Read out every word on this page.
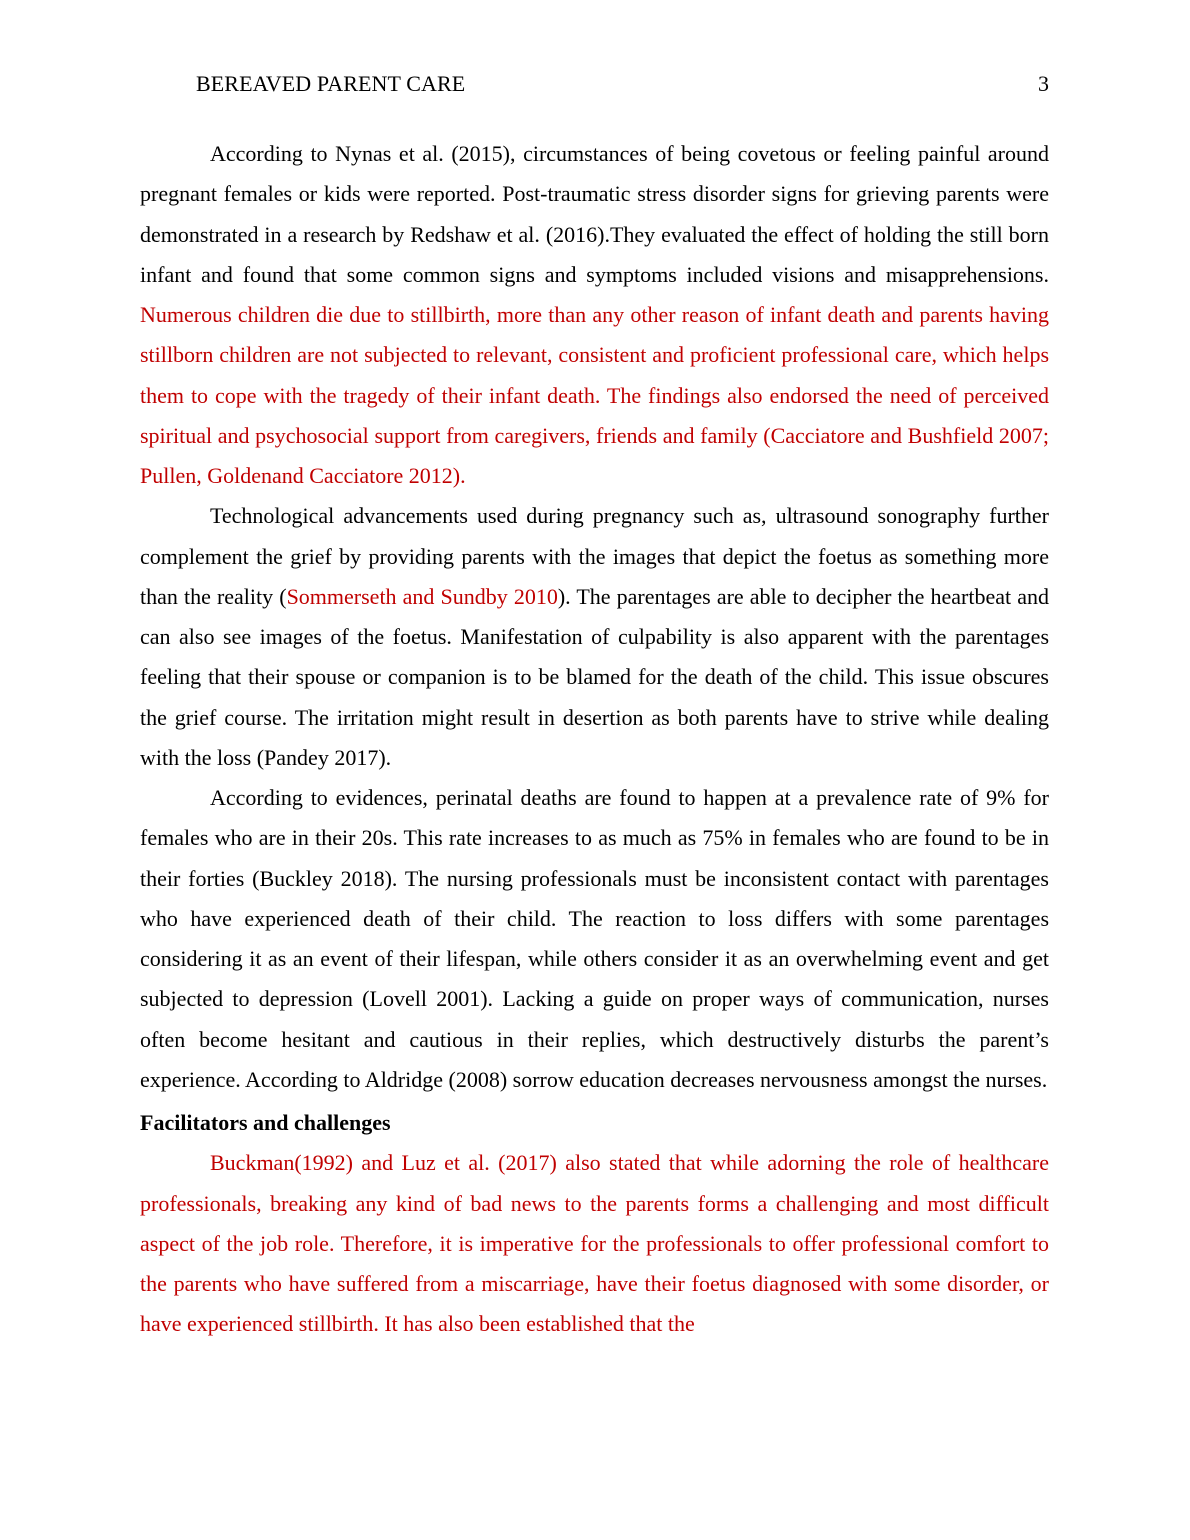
BEREAVED PARENT CARE	3

According to Nynas et al. (2015), circumstances of being covetous or feeling painful around pregnant females or kids were reported. Post-traumatic stress disorder signs for grieving parents were demonstrated in a research by Redshaw et al. (2016).They evaluated the effect of holding the still born infant and found that some common signs and symptoms included visions and misapprehensions. Numerous children die due to stillbirth, more than any other reason of infant death and parents having stillborn children are not subjected to relevant, consistent and proficient professional care, which helps them to cope with the tragedy of their infant death. The findings also endorsed the need of perceived spiritual and psychosocial support from caregivers, friends and family (Cacciatore and Bushfield 2007; Pullen, Goldenand Cacciatore 2012).

Technological advancements used during pregnancy such as, ultrasound sonography further complement the grief by providing parents with the images that depict the foetus as something more than the reality (Sommerseth and Sundby 2010). The parentages are able to decipher the heartbeat and can also see images of the foetus. Manifestation of culpability is also apparent with the parentages feeling that their spouse or companion is to be blamed for the death of the child. This issue obscures the grief course. The irritation might result in desertion as both parents have to strive while dealing with the loss (Pandey 2017).

According to evidences, perinatal deaths are found to happen at a prevalence rate of 9% for females who are in their 20s. This rate increases to as much as 75% in females who are found to be in their forties (Buckley 2018). The nursing professionals must be inconsistent contact with parentages who have experienced death of their child. The reaction to loss differs with some parentages considering it as an event of their lifespan, while others consider it as an overwhelming event and get subjected to depression (Lovell 2001). Lacking a guide on proper ways of communication, nurses often become hesitant and cautious in their replies, which destructively disturbs the parent’s experience. According to Aldridge (2008) sorrow education decreases nervousness amongst the nurses.

Facilitators and challenges

Buckman(1992) and Luz et al. (2017) also stated that while adorning the role of healthcare professionals, breaking any kind of bad news to the parents forms a challenging and most difficult aspect of the job role. Therefore, it is imperative for the professionals to offer professional comfort to the parents who have suffered from a miscarriage, have their foetus diagnosed with some disorder, or have experienced stillbirth. It has also been established that the
